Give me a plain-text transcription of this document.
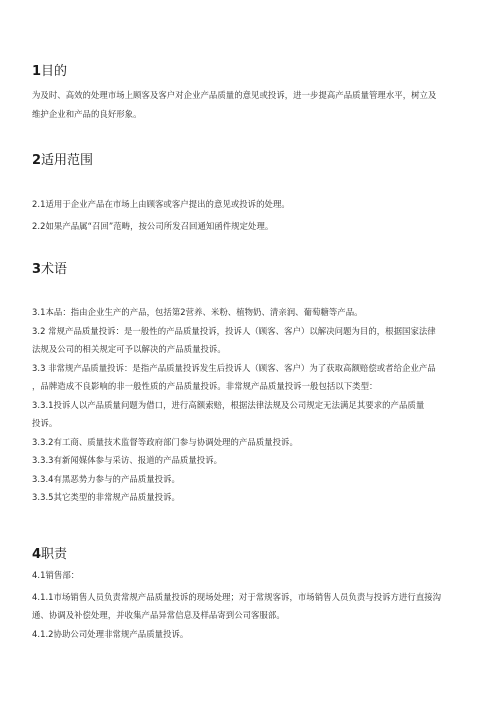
1目的

为及时、高效的处理市场上顾客及客户对企业产品质量的意见或投诉，进一步提高产品质量管理水平，树立及

维护企业和产品的良好形象。

2适用范围

2.1适用于企业产品在市场上由顾客或客户提出的意见或投诉的处理。

2.2如果产品属“召回”范畴，按公司所发召回通知函件规定处理。

3术语

3.1本品：指由企业生产的产品，包括第2营养、米粉、植物奶、清亲润、葡萄糖等产品。

3.2 常规产品质量投诉：是一般性的产品质量投诉，投诉人（顾客、客户）以解决问题为目的，根据国家法律

法规及公司的相关规定可予以解决的产品质量投诉。

3.3 非常规产品质量投诉：是指产品质量投诉发生后投诉人（顾客、客户）为了获取高额赔偿或者给企业产品

，品牌造成不良影响的非一般性质的产品质量投诉。非常规产品质量投诉一般包括以下类型：

3.3.1投诉人以产品质量问题为借口，进行高额索赔，根据法律法规及公司规定无法满足其要求的产品质量

投诉。

3.3.2有工商、质量技术监督等政府部门参与协调处理的产品质量投诉。

3.3.3有新闻媒体参与采访、报道的产品质量投诉。

3.3.4有黑恶势力参与的产品质量投诉。

3.3.5其它类型的非常规产品质量投诉。

4职责

4.1销售部：

4.1.1市场销售人员负责常规产品质量投诉的现场处理；对于常规客诉，市场销售人员负责与投诉方进行直接沟

通、协调及补偿处理，并收集产品异常信息及样品寄到公司客服部。

4.1.2协助公司处理非常规产品质量投诉。
